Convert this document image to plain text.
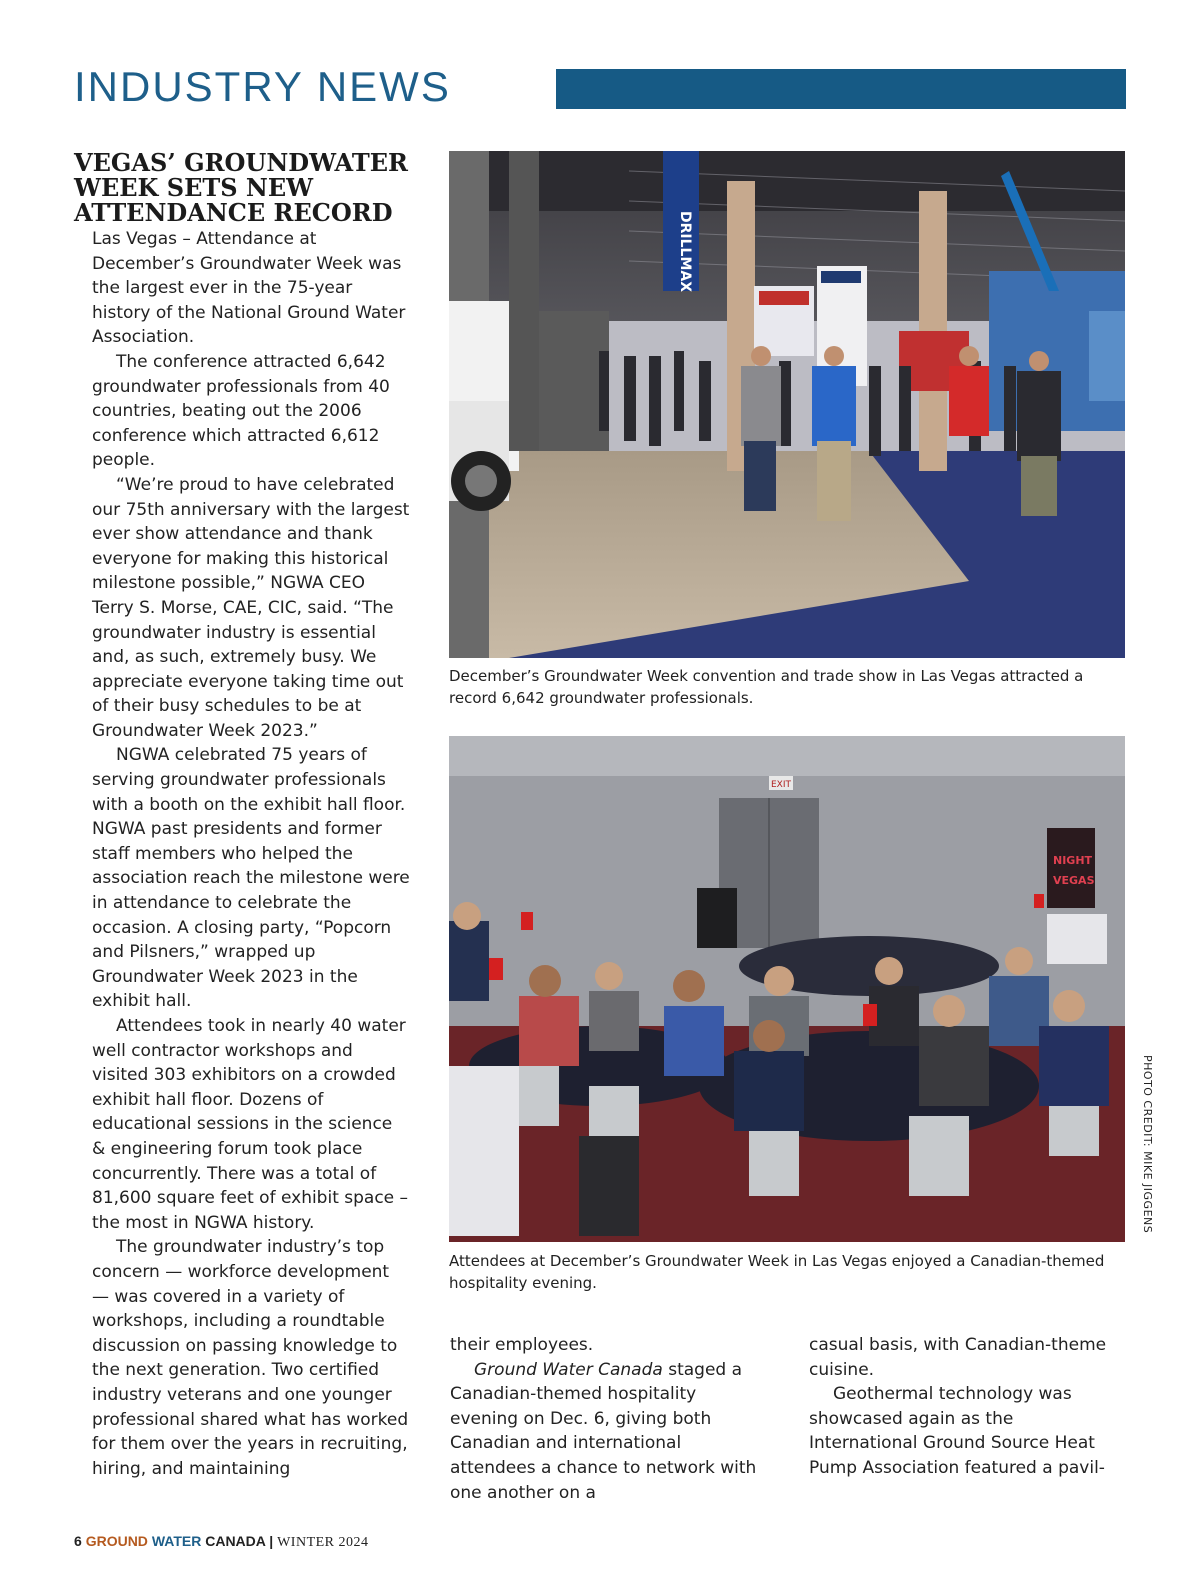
INDUSTRY NEWS
VEGAS’ GROUNDWATER WEEK SETS NEW ATTENDANCE RECORD

Las Vegas – Attendance at December’s Groundwater Week was the largest ever in the 75-year history of the National Ground Water Association.

The conference attracted 6,642 groundwater professionals from 40 countries, beating out the 2006 conference which attracted 6,612 people.

“We’re proud to have celebrated our 75th anniversary with the largest ever show attendance and thank everyone for making this historical milestone possible,” NGWA CEO Terry S. Morse, CAE, CIC, said. “The groundwater industry is essential and, as such, extremely busy. We appreciate everyone taking time out of their busy schedules to be at Groundwater Week 2023.”

NGWA celebrated 75 years of serving groundwater professionals with a booth on the exhibit hall floor. NGWA past presidents and former staff members who helped the association reach the milestone were in attendance to celebrate the occasion. A closing party, “Popcorn and Pilsners,” wrapped up Groundwater Week 2023 in the exhibit hall.

Attendees took in nearly 40 water well contractor workshops and visited 303 exhibitors on a crowded exhibit hall floor. Dozens of educational sessions in the science & engineering forum took place concurrently. There was a total of 81,600 square feet of exhibit space – the most in NGWA history.

The groundwater industry’s top concern — workforce development — was covered in a variety of workshops, including a roundtable discussion on passing knowledge to the next generation. Two certified industry veterans and one younger professional shared what has worked for them over the years in recruiting, hiring, and maintaining

DRILLMAX

December’s Groundwater Week convention and trade show in Las Vegas attracted a record 6,642 groundwater professionals.

EXIT
NIGHT
VEGAS

Attendees at December’s Groundwater Week in Las Vegas enjoyed a Canadian-themed hospitality evening.

PHOTO CREDIT: MIKE JIGGENS

their employees.

Ground Water Canada staged a Canadian-themed hospitality evening on Dec. 6, giving both Canadian and international attendees a chance to network with one another on a

casual basis, with Canadian-theme cuisine.

Geothermal technology was showcased again as the International Ground Source Heat Pump Association featured a pavil-

6 GROUND WATER CANADA | WINTER 2024
